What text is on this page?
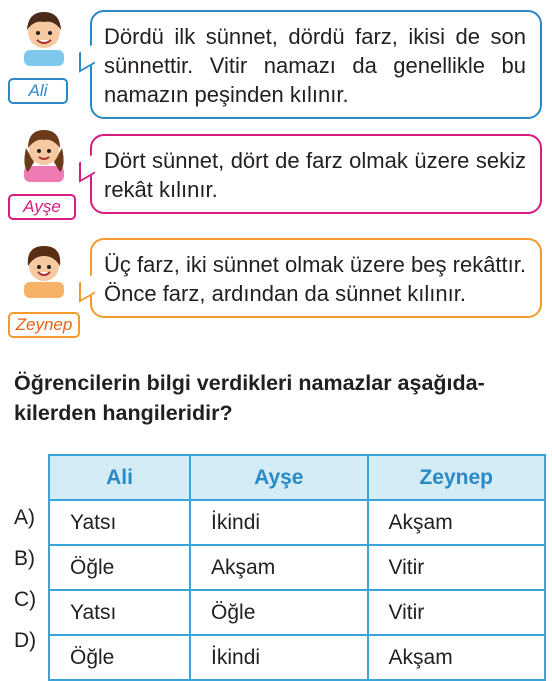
Ali
Dördü ilk sünnet, dördü farz, ikisi de son sünnettir. Vitir namazı da genellikle bu namazın peşinden kılınır.
Ayşe
Dört sünnet, dört de farz olmak üzere sekiz rekât kılınır.
Zeynep
Üç farz, iki sünnet olmak üzere beş rekâttır. Önce farz, ardından da sünnet kılınır.
Öğrencilerin bilgi verdikleri namazlar aşağıda-kilerden hangileridir?
A)
B)
C)
D)
Ali	Ayşe	Zeynep
Yatsı	İkindi	Akşam
Öğle	Akşam	Vitir
Yatsı	Öğle	Vitir
Öğle	İkindi	Akşam
